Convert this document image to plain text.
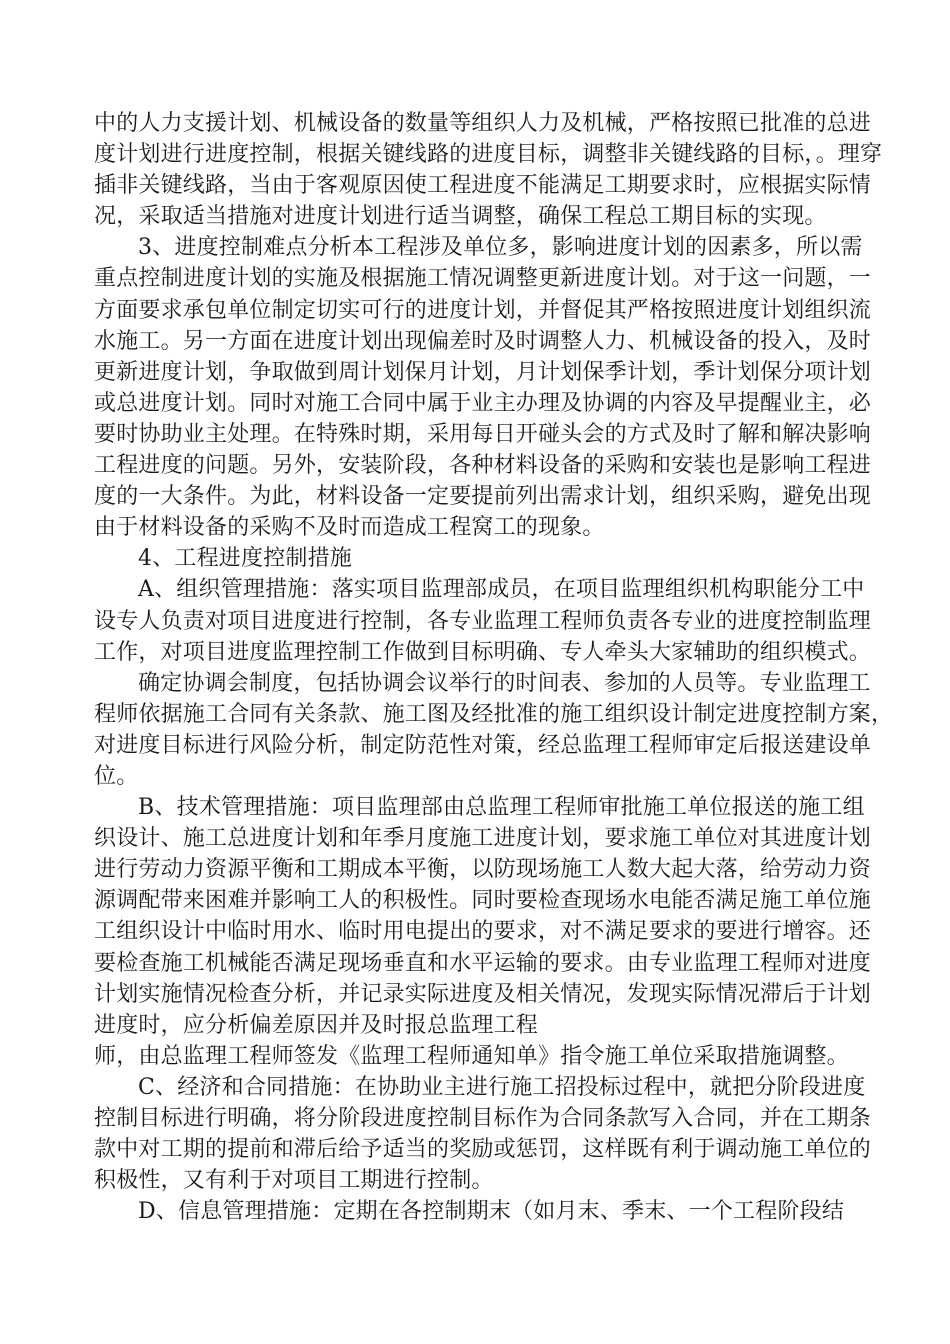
中的人力支援计划、机械设备的数量等组织人力及机械，严格按照已批准的总进
度计划进行进度控制，根据关键线路的进度目标，调整非关键线路的目标，。理穿
插非关键线路，当由于客观原因使工程进度不能满足工期要求时，应根据实际情
况，采取适当措施对进度计划进行适当调整，确保工程总工期目标的实现。
3、进度控制难点分析本工程涉及单位多，影响进度计划的因素多，所以需
重点控制进度计划的实施及根据施工情况调整更新进度计划。对于这一问题，一
方面要求承包单位制定切实可行的进度计划，并督促其严格按照进度计划组织流
水施工。另一方面在进度计划出现偏差时及时调整人力、机械设备的投入，及时
更新进度计划，争取做到周计划保月计划，月计划保季计划，季计划保分项计划
或总进度计划。同时对施工合同中属于业主办理及协调的内容及早提醒业主，必
要时协助业主处理。在特殊时期，采用每日开碰头会的方式及时了解和解决影响
工程进度的问题。另外，安装阶段，各种材料设备的采购和安装也是影响工程进
度的一大条件。为此，材料设备一定要提前列出需求计划，组织采购，避免出现
由于材料设备的采购不及时而造成工程窝工的现象。
4、工程进度控制措施
A、组织管理措施：落实项目监理部成员，在项目监理组织机构职能分工中
设专人负责对项目进度进行控制，各专业监理工程师负责各专业的进度控制监理
工作，对项目进度监理控制工作做到目标明确、专人牵头大家辅助的组织模式。
确定协调会制度，包括协调会议举行的时间表、参加的人员等。专业监理工
程师依据施工合同有关条款、施工图及经批准的施工组织设计制定进度控制方案，
对进度目标进行风险分析，制定防范性对策，经总监理工程师审定后报送建设单
位。
B、技术管理措施：项目监理部由总监理工程师审批施工单位报送的施工组
织设计、施工总进度计划和年季月度施工进度计划，要求施工单位对其进度计划
进行劳动力资源平衡和工期成本平衡，以防现场施工人数大起大落，给劳动力资
源调配带来困难并影响工人的积极性。同时要检查现场水电能否满足施工单位施
工组织设计中临时用水、临时用电提出的要求，对不满足要求的要进行增容。还
要检查施工机械能否满足现场垂直和水平运输的要求。由专业监理工程师对进度
计划实施情况检查分析，并记录实际进度及相关情况，发现实际情况滞后于计划
进度时，应分析偏差原因并及时报总监理工程
师，由总监理工程师签发《监理工程师通知单》指令施工单位采取措施调整。
C、经济和合同措施：在协助业主进行施工招投标过程中，就把分阶段进度
控制目标进行明确，将分阶段进度控制目标作为合同条款写入合同，并在工期条
款中对工期的提前和滞后给予适当的奖励或惩罚，这样既有利于调动施工单位的
积极性，又有利于对项目工期进行控制。
D、信息管理措施：定期在各控制期末（如月末、季末、一个工程阶段结
